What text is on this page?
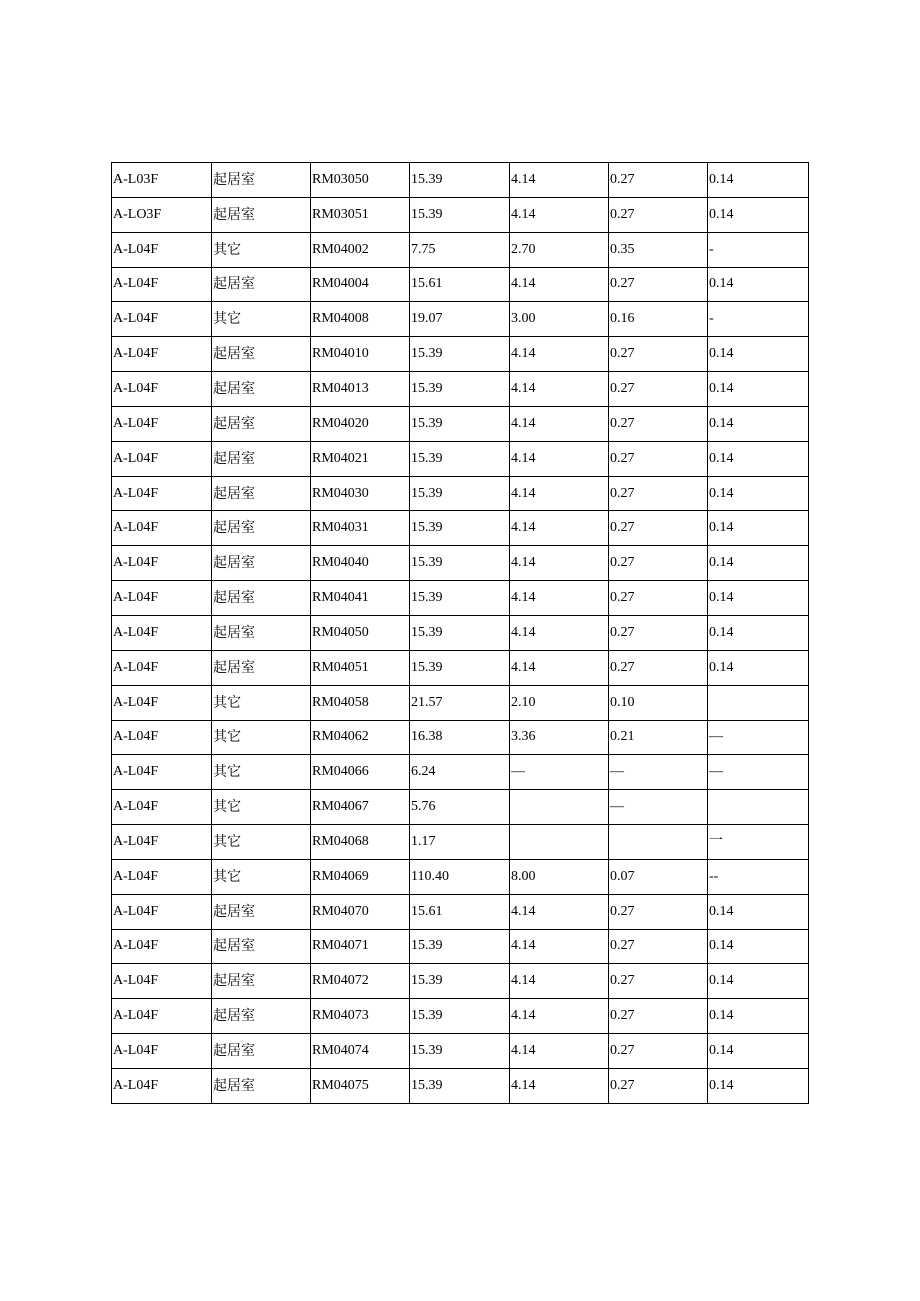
A-L03F	起居室	RM03050	15.39	4.14	0.27	0.14
A-LO3F	起居室	RM03051	15.39	4.14	0.27	0.14
A-L04F	其它	RM04002	7.75	2.70	0.35	-
A-L04F	起居室	RM04004	15.61	4.14	0.27	0.14
A-L04F	其它	RM04008	19.07	3.00	0.16	-
A-L04F	起居室	RM04010	15.39	4.14	0.27	0.14
A-L04F	起居室	RM04013	15.39	4.14	0.27	0.14
A-L04F	起居室	RM04020	15.39	4.14	0.27	0.14
A-L04F	起居室	RM04021	15.39	4.14	0.27	0.14
A-L04F	起居室	RM04030	15.39	4.14	0.27	0.14
A-L04F	起居室	RM04031	15.39	4.14	0.27	0.14
A-L04F	起居室	RM04040	15.39	4.14	0.27	0.14
A-L04F	起居室	RM04041	15.39	4.14	0.27	0.14
A-L04F	起居室	RM04050	15.39	4.14	0.27	0.14
A-L04F	起居室	RM04051	15.39	4.14	0.27	0.14
A-L04F	其它	RM04058	21.57	2.10	0.10	
A-L04F	其它	RM04062	16.38	3.36	0.21	—
A-L04F	其它	RM04066	6.24	—	—	—
A-L04F	其它	RM04067	5.76		—	
A-L04F	其它	RM04068	1.17			一
A-L04F	其它	RM04069	110.40	8.00	0.07	--
A-L04F	起居室	RM04070	15.61	4.14	0.27	0.14
A-L04F	起居室	RM04071	15.39	4.14	0.27	0.14
A-L04F	起居室	RM04072	15.39	4.14	0.27	0.14
A-L04F	起居室	RM04073	15.39	4.14	0.27	0.14
A-L04F	起居室	RM04074	15.39	4.14	0.27	0.14
A-L04F	起居室	RM04075	15.39	4.14	0.27	0.14
